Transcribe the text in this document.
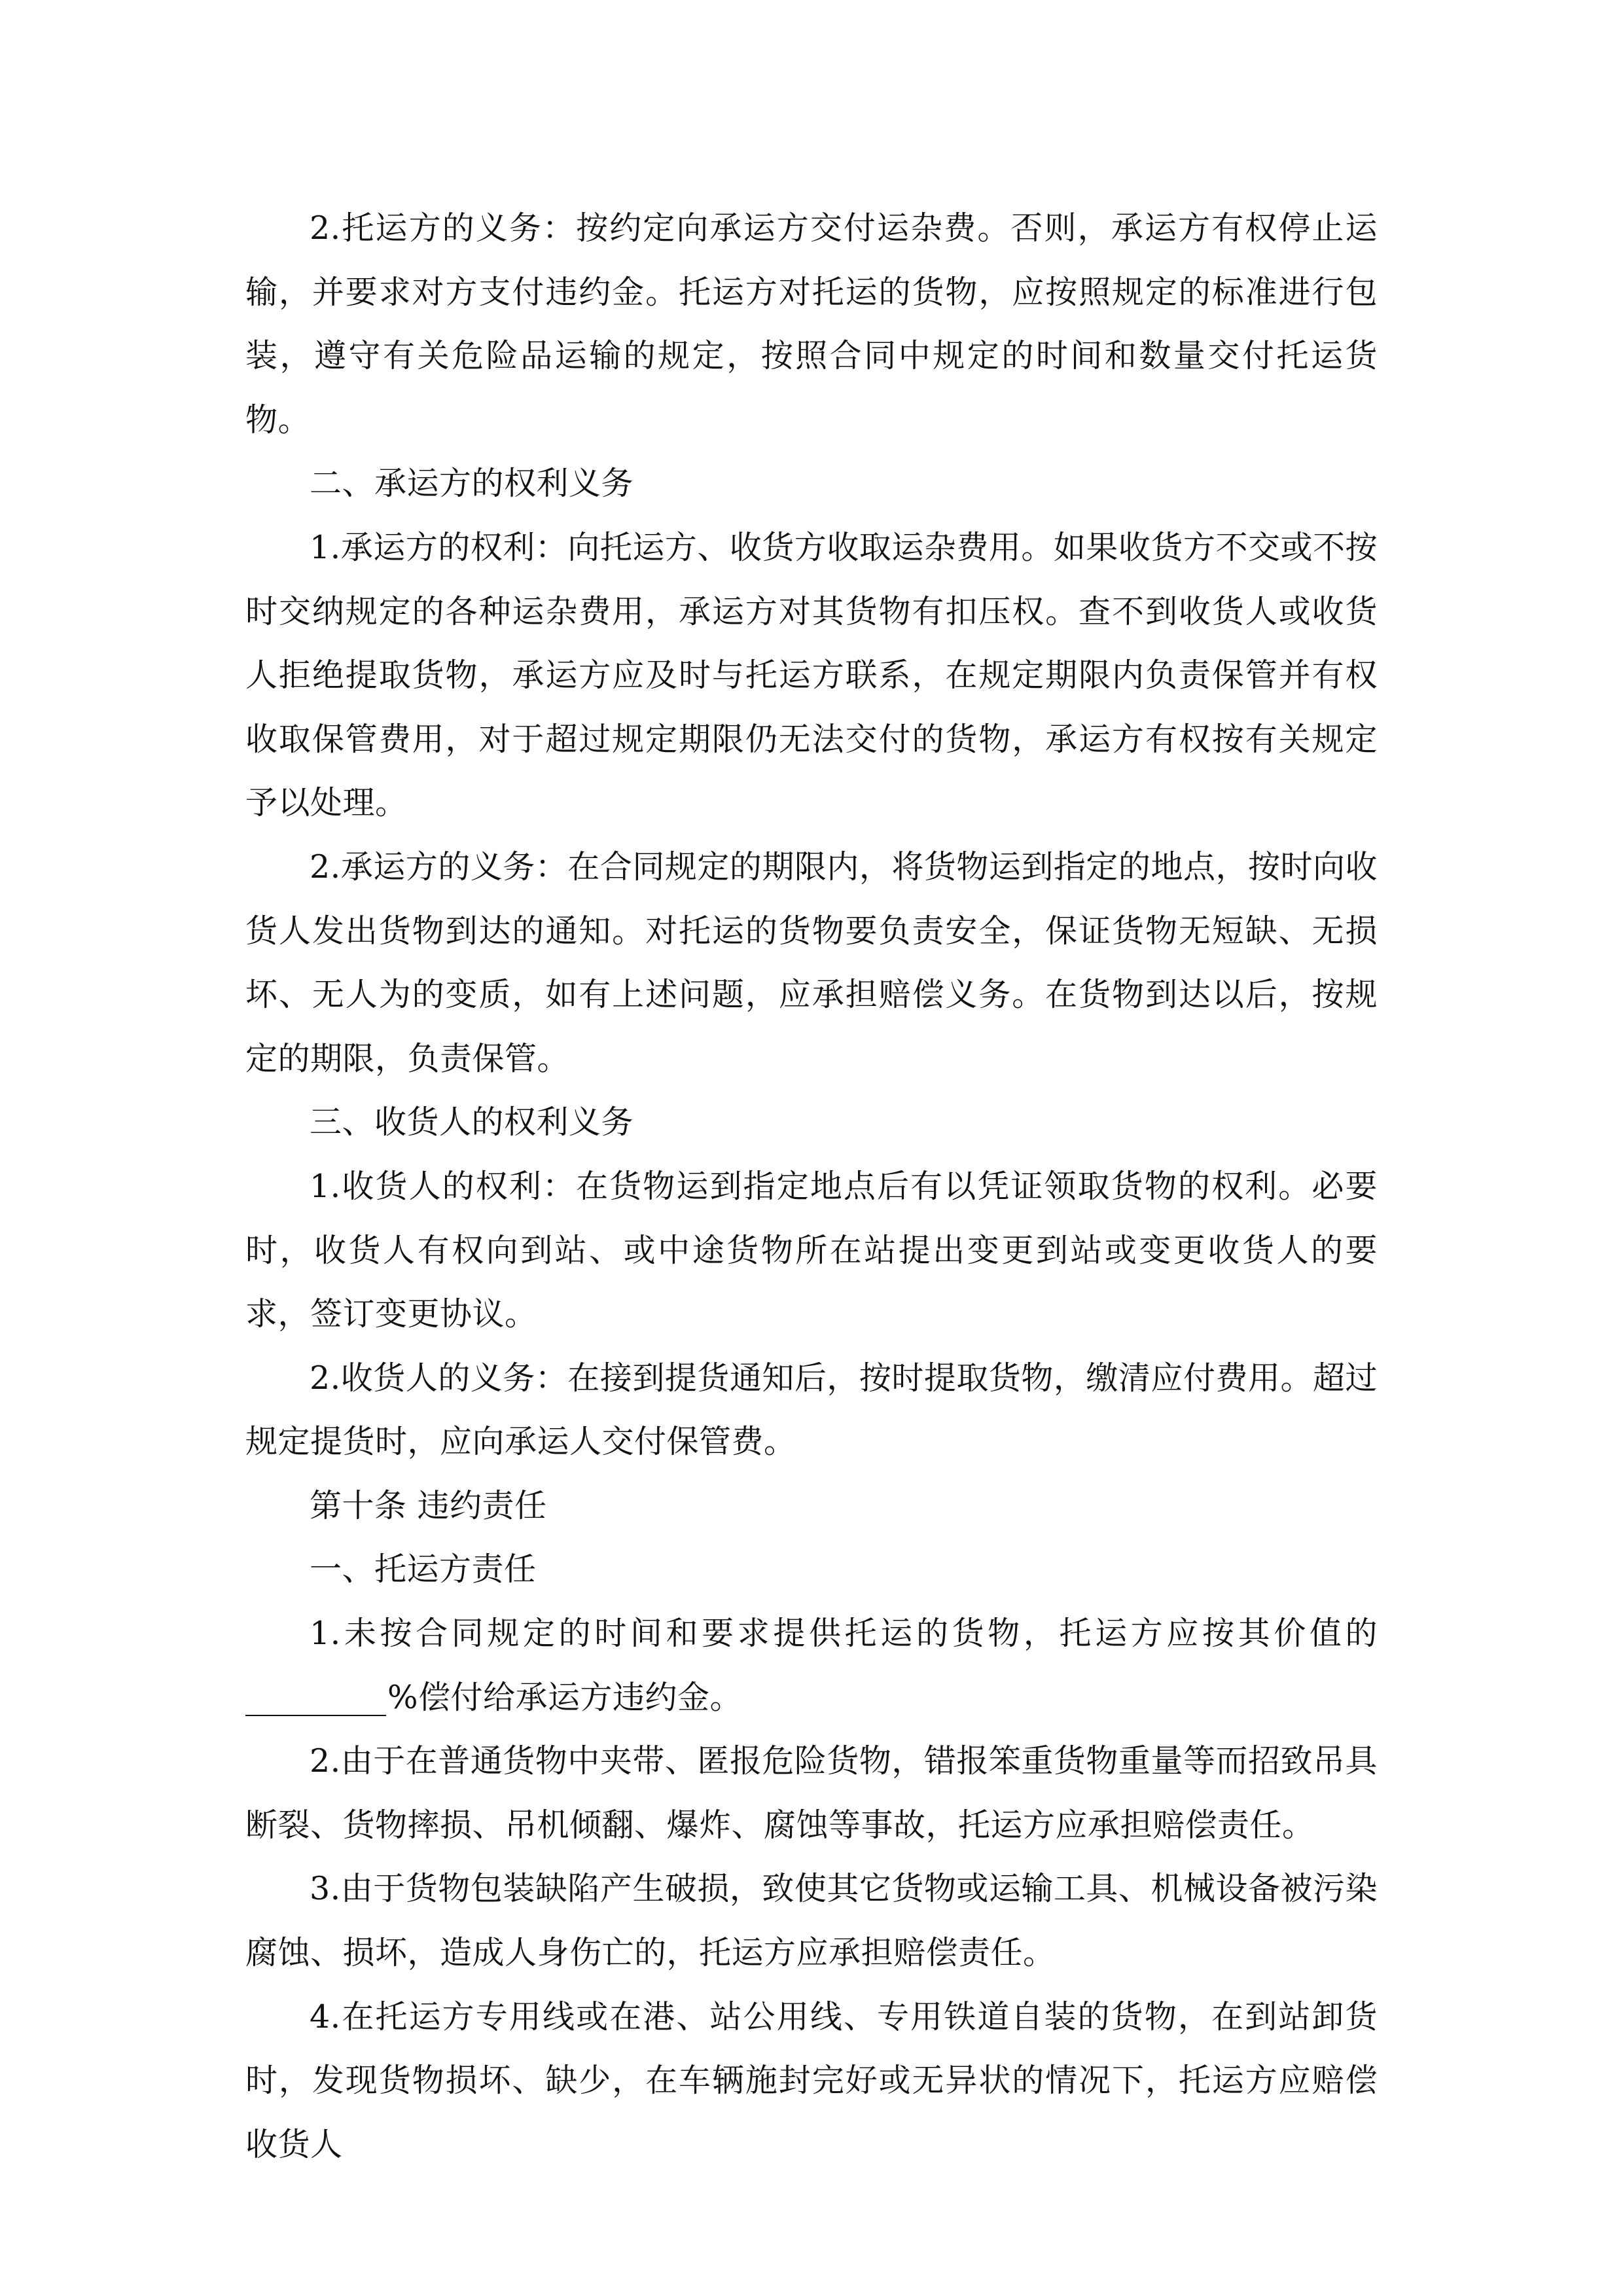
2.托运方的义务：按约定向承运方交付运杂费。否则，承运方有权停止运输，并要求对方支付违约金。托运方对托运的货物，应按照规定的标准进行包装，遵守有关危险品运输的规定，按照合同中规定的时间和数量交付托运货物。

二、承运方的权利义务

1.承运方的权利：向托运方、收货方收取运杂费用。如果收货方不交或不按时交纳规定的各种运杂费用，承运方对其货物有扣压权。查不到收货人或收货人拒绝提取货物，承运方应及时与托运方联系，在规定期限内负责保管并有权收取保管费用，对于超过规定期限仍无法交付的货物，承运方有权按有关规定予以处理。

2.承运方的义务：在合同规定的期限内，将货物运到指定的地点，按时向收货人发出货物到达的通知。对托运的货物要负责安全，保证货物无短缺、无损坏、无人为的变质，如有上述问题，应承担赔偿义务。在货物到达以后，按规定的期限，负责保管。

三、收货人的权利义务

1.收货人的权利：在货物运到指定地点后有以凭证领取货物的权利。必要时，收货人有权向到站、或中途货物所在站提出变更到站或变更收货人的要求，签订变更协议。

2.收货人的义务：在接到提货通知后，按时提取货物，缴清应付费用。超过规定提货时，应向承运人交付保管费。

第十条 违约责任

一、托运方责任

1.未按合同规定的时间和要求提供托运的货物，托运方应按其价值的%偿付给承运方违约金。

2.由于在普通货物中夹带、匿报危险货物，错报笨重货物重量等而招致吊具断裂、货物摔损、吊机倾翻、爆炸、腐蚀等事故，托运方应承担赔偿责任。

3.由于货物包装缺陷产生破损，致使其它货物或运输工具、机械设备被污染腐蚀、损坏，造成人身伤亡的，托运方应承担赔偿责任。

4.在托运方专用线或在港、站公用线、专用铁道自装的货物，在到站卸货时，发现货物损坏、缺少，在车辆施封完好或无异状的情况下，托运方应赔偿收货人
